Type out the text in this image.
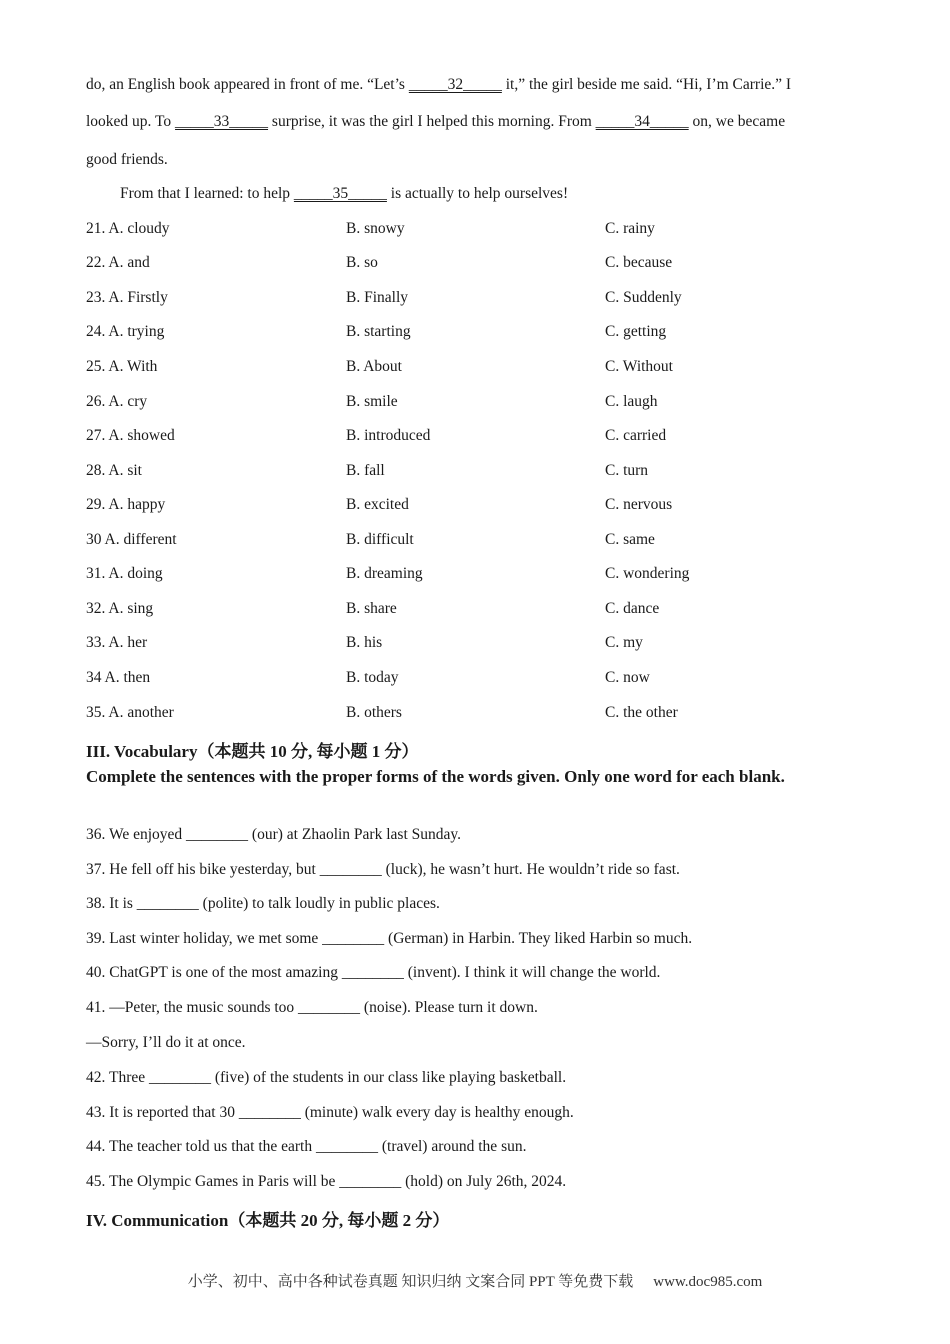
do, an English book appeared in front of me. “Let’s _____32_____ it,” the girl beside me said. “Hi, I’m Carrie.” I
looked up. To _____33_____ surprise, it was the girl I helped this morning. From _____34_____ on, we became
good friends.
From that I learned: to help _____35_____ is actually to help ourselves!
21. A. cloudy	B. snowy	C. rainy
22. A. and	B. so	C. because
23. A. Firstly	B. Finally	C. Suddenly
24. A. trying	B. starting	C. getting
25. A. With	B. About	C. Without
26. A. cry	B. smile	C. laugh
27. A. showed	B. introduced	C. carried
28. A. sit	B. fall	C. turn
29. A. happy	B. excited	C. nervous
30 A. different	B. difficult	C. same
31. A. doing	B. dreaming	C. wondering
32. A. sing	B. share	C. dance
33. A. her	B. his	C. my
34 A. then	B. today	C. now
35. A. another	B. others	C. the other
III. Vocabulary（本题共 10 分, 每小题 1 分）
Complete the sentences with the proper forms of the words given. Only one word for each blank.
36. We enjoyed ________ (our) at Zhaolin Park last Sunday.
37. He fell off his bike yesterday, but ________ (luck), he wasn’t hurt. He wouldn’t ride so fast.
38. It is ________ (polite) to talk loudly in public places.
39. Last winter holiday, we met some ________ (German) in Harbin. They liked Harbin so much.
40. ChatGPT is one of the most amazing ________ (invent). I think it will change the world.
41. —Peter, the music sounds too ________ (noise). Please turn it down.
—Sorry, I’ll do it at once.
42. Three ________ (five) of the students in our class like playing basketball.
43. It is reported that 30 ________ (minute) walk every day is healthy enough.
44. The teacher told us that the earth ________ (travel) around the sun.
45. The Olympic Games in Paris will be ________ (hold) on July 26th, 2024.
IV. Communication（本题共 20 分, 每小题 2 分）
小学、初中、高中各种试卷真题 知识归纳 文案合同 PPT 等免费下载 www.doc985.com
